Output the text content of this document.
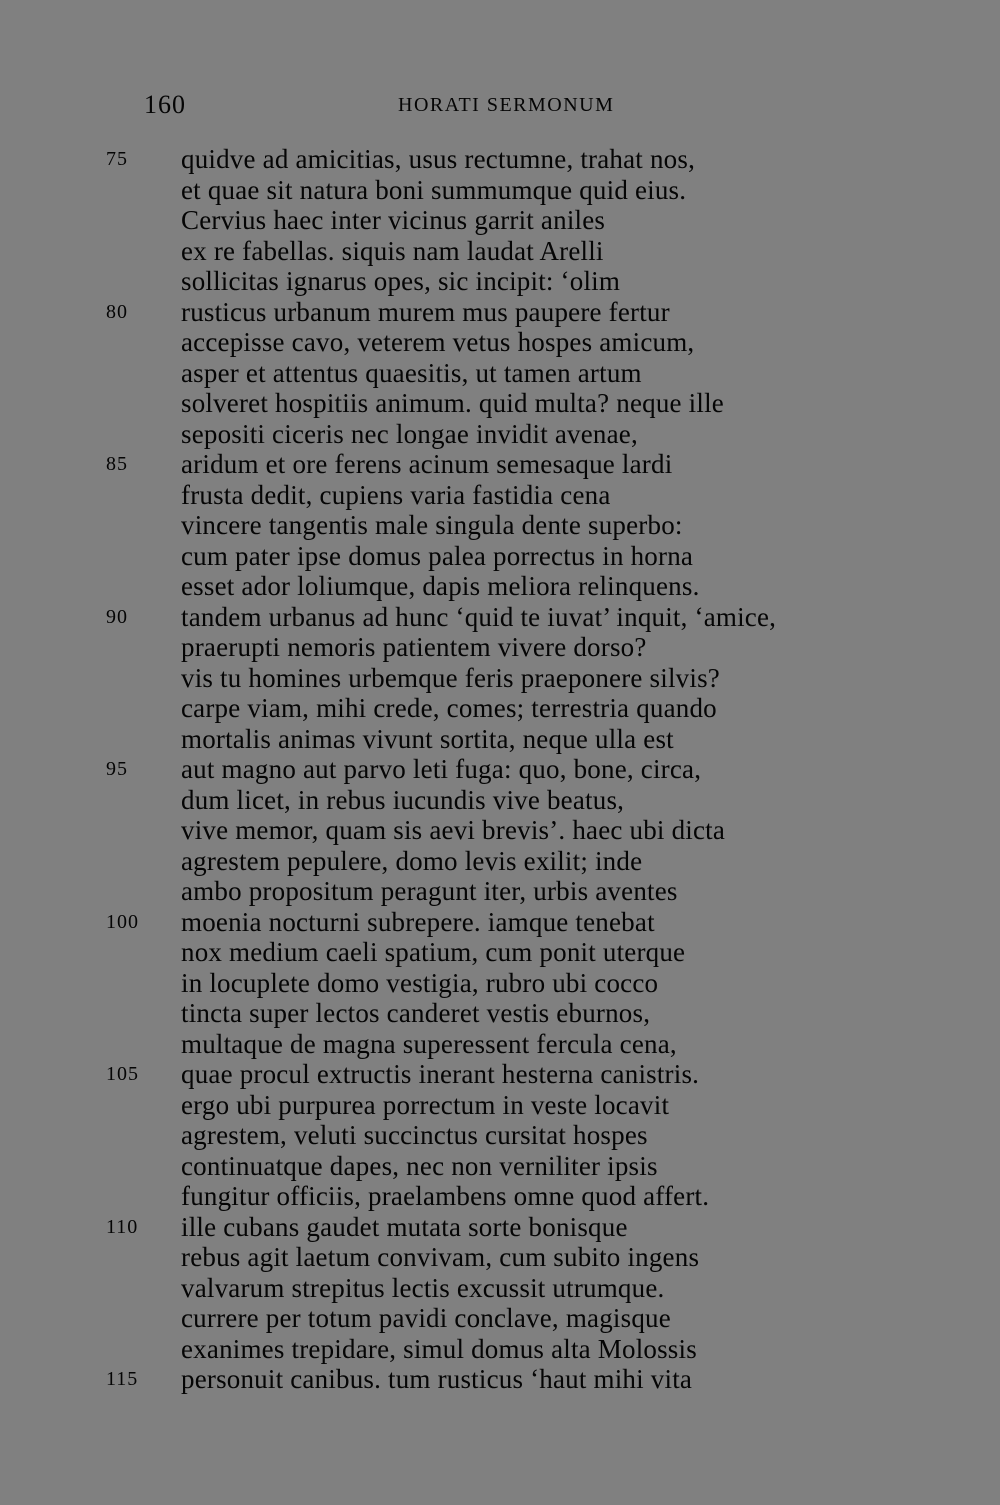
160	HORATI SERMONUM
75 quidve ad amicitias, usus rectumne, trahat nos,
et quae sit natura boni summumque quid eius.
Cervius haec inter vicinus garrit aniles
ex re fabellas. siquis nam laudat Arelli
sollicitas ignarus opes, sic incipit: ‘olim
80 rusticus urbanum murem mus paupere fertur
accepisse cavo, veterem vetus hospes amicum,
asper et attentus quaesitis, ut tamen artum
solveret hospitiis animum. quid multa? neque ille
sepositi ciceris nec longae invidit avenae,
85 aridum et ore ferens acinum semesaque lardi
frusta dedit, cupiens varia fastidia cena
vincere tangentis male singula dente superbo:
cum pater ipse domus palea porrectus in horna
esset ador loliumque, dapis meliora relinquens.
90 tandem urbanus ad hunc ‘quid te iuvat’ inquit, ‘amice,
praerupti nemoris patientem vivere dorso?
vis tu homines urbemque feris praeponere silvis?
carpe viam, mihi crede, comes; terrestria quando
mortalis animas vivunt sortita, neque ulla est
95 aut magno aut parvo leti fuga: quo, bone, circa,
dum licet, in rebus iucundis vive beatus,
vive memor, quam sis aevi brevis’. haec ubi dicta
agrestem pepulere, domo levis exilit; inde
ambo propositum peragunt iter, urbis aventes
100 moenia nocturni subrepere. iamque tenebat
nox medium caeli spatium, cum ponit uterque
in locuplete domo vestigia, rubro ubi cocco
tincta super lectos canderet vestis eburnos,
multaque de magna superessent fercula cena,
105 quae procul extructis inerant hesterna canistris.
ergo ubi purpurea porrectum in veste locavit
agrestem, veluti succinctus cursitat hospes
continuatque dapes, nec non verniliter ipsis
fungitur officiis, praelambens omne quod affert.
110 ille cubans gaudet mutata sorte bonisque
rebus agit laetum convivam, cum subito ingens
valvarum strepitus lectis excussit utrumque.
currere per totum pavidi conclave, magisque
exanimes trepidare, simul domus alta Molossis
115 personuit canibus. tum rusticus ‘haut mihi vita
